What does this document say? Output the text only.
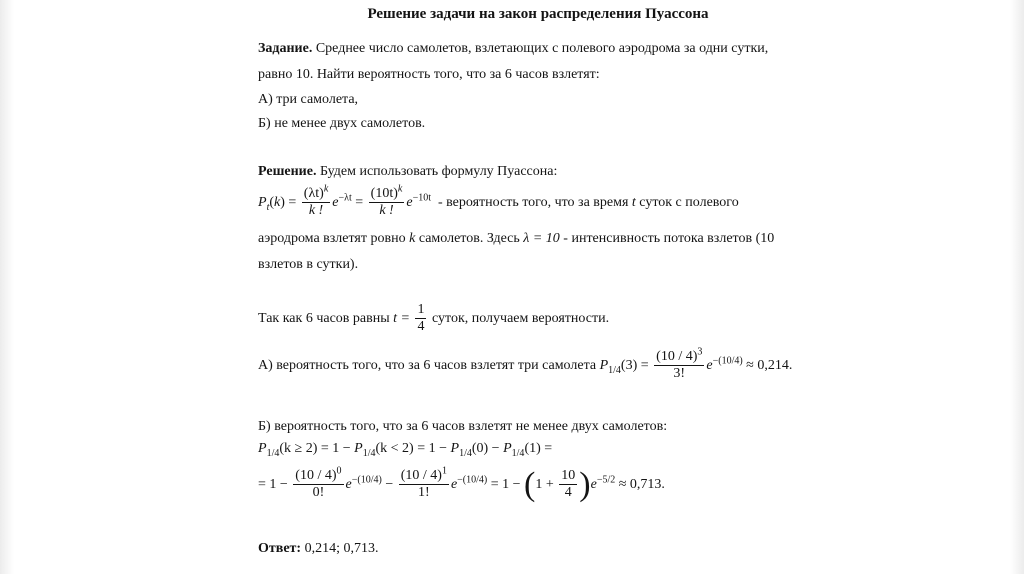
Решение задачи на закон распределения Пуассона
Задание. Среднее число самолетов, взлетающих с полевого аэродрома за одни сутки,
равно 10. Найти вероятность того, что за 6 часов взлетят:
А) три самолета,
Б) не менее двух самолетов.
Решение. Будем использовать формулу Пуассона:
$P_t(k) = \frac{(\lambda t)^k}{k !} e^{-\lambda t} = \frac{(10t)^k}{k !} e^{-10t}$ - вероятность того, что за время t суток с полевого
аэродрома взлетят ровно k самолетов. Здесь λ = 10 - интенсивность потока взлетов (10
взлетов в сутки).
Так как 6 часов равны $t = \frac{1}{4}$ суток, получаем вероятности.
А) вероятность того, что за 6 часов взлетят три самолета $P_{1/4}(3) = \frac{(10 / 4)^3}{3!} e^{-(10/4)} \approx 0,214$.
Б) вероятность того, что за 6 часов взлетят не менее двух самолетов:
$P_{1/4}(k \ge 2) = 1 - P_{1/4}(k < 2) = 1 - P_{1/4}(0) - P_{1/4}(1)$ =
= $1 - \frac{(10 / 4)^0}{0!} e^{-(10/4)} - \frac{(10 / 4)^1}{1!} e^{-(10/4)} = 1 - (1 + \frac{10}{4} )e^{-5/2} \approx 0,713$.
Ответ: 0,214; 0,713.
